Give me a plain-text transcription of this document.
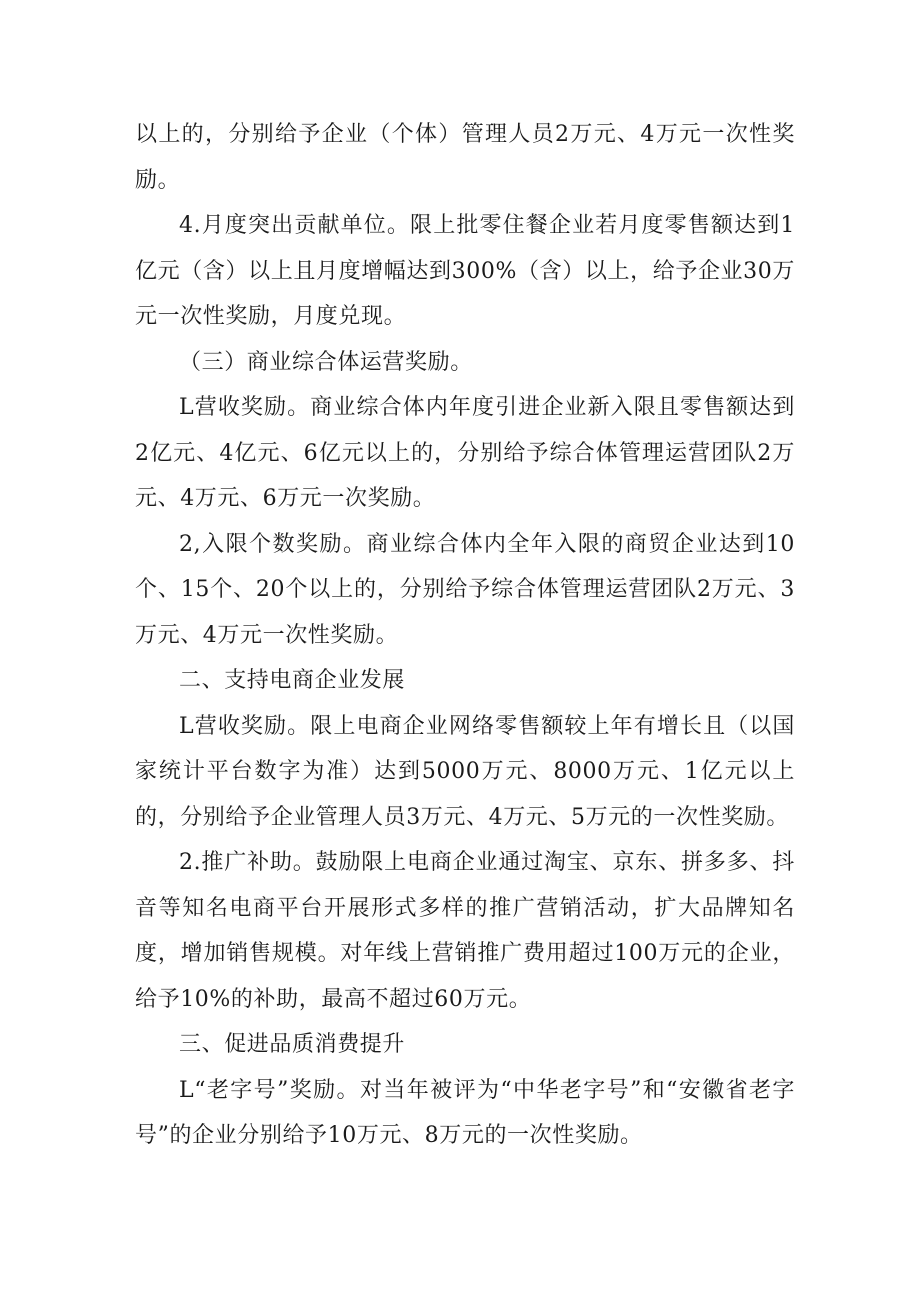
以上的，分别给予企业（个体）管理人员2万元、4万元一次性奖励。

4.月度突出贡献单位。限上批零住餐企业若月度零售额达到1亿元（含）以上且月度增幅达到300%（含）以上，给予企业30万元一次性奖励，月度兑现。

（三）商业综合体运营奖励。

L营收奖励。商业综合体内年度引进企业新入限且零售额达到2亿元、4亿元、6亿元以上的，分别给予综合体管理运营团队2万元、4万元、6万元一次奖励。

2,入限个数奖励。商业综合体内全年入限的商贸企业达到10个、15个、20个以上的，分别给予综合体管理运营团队2万元、3万元、4万元一次性奖励。

二、支持电商企业发展

L营收奖励。限上电商企业网络零售额较上年有增长且（以国家统计平台数字为准）达到5000万元、8000万元、1亿元以上的，分别给予企业管理人员3万元、4万元、5万元的一次性奖励。

2.推广补助。鼓励限上电商企业通过淘宝、京东、拼多多、抖音等知名电商平台开展形式多样的推广营销活动，扩大品牌知名度，增加销售规模。对年线上营销推广费用超过100万元的企业，给予10%的补助，最高不超过60万元。

三、促进品质消费提升

L“老字号”奖励。对当年被评为“中华老字号”和“安徽省老字号”的企业分别给予10万元、8万元的一次性奖励。
